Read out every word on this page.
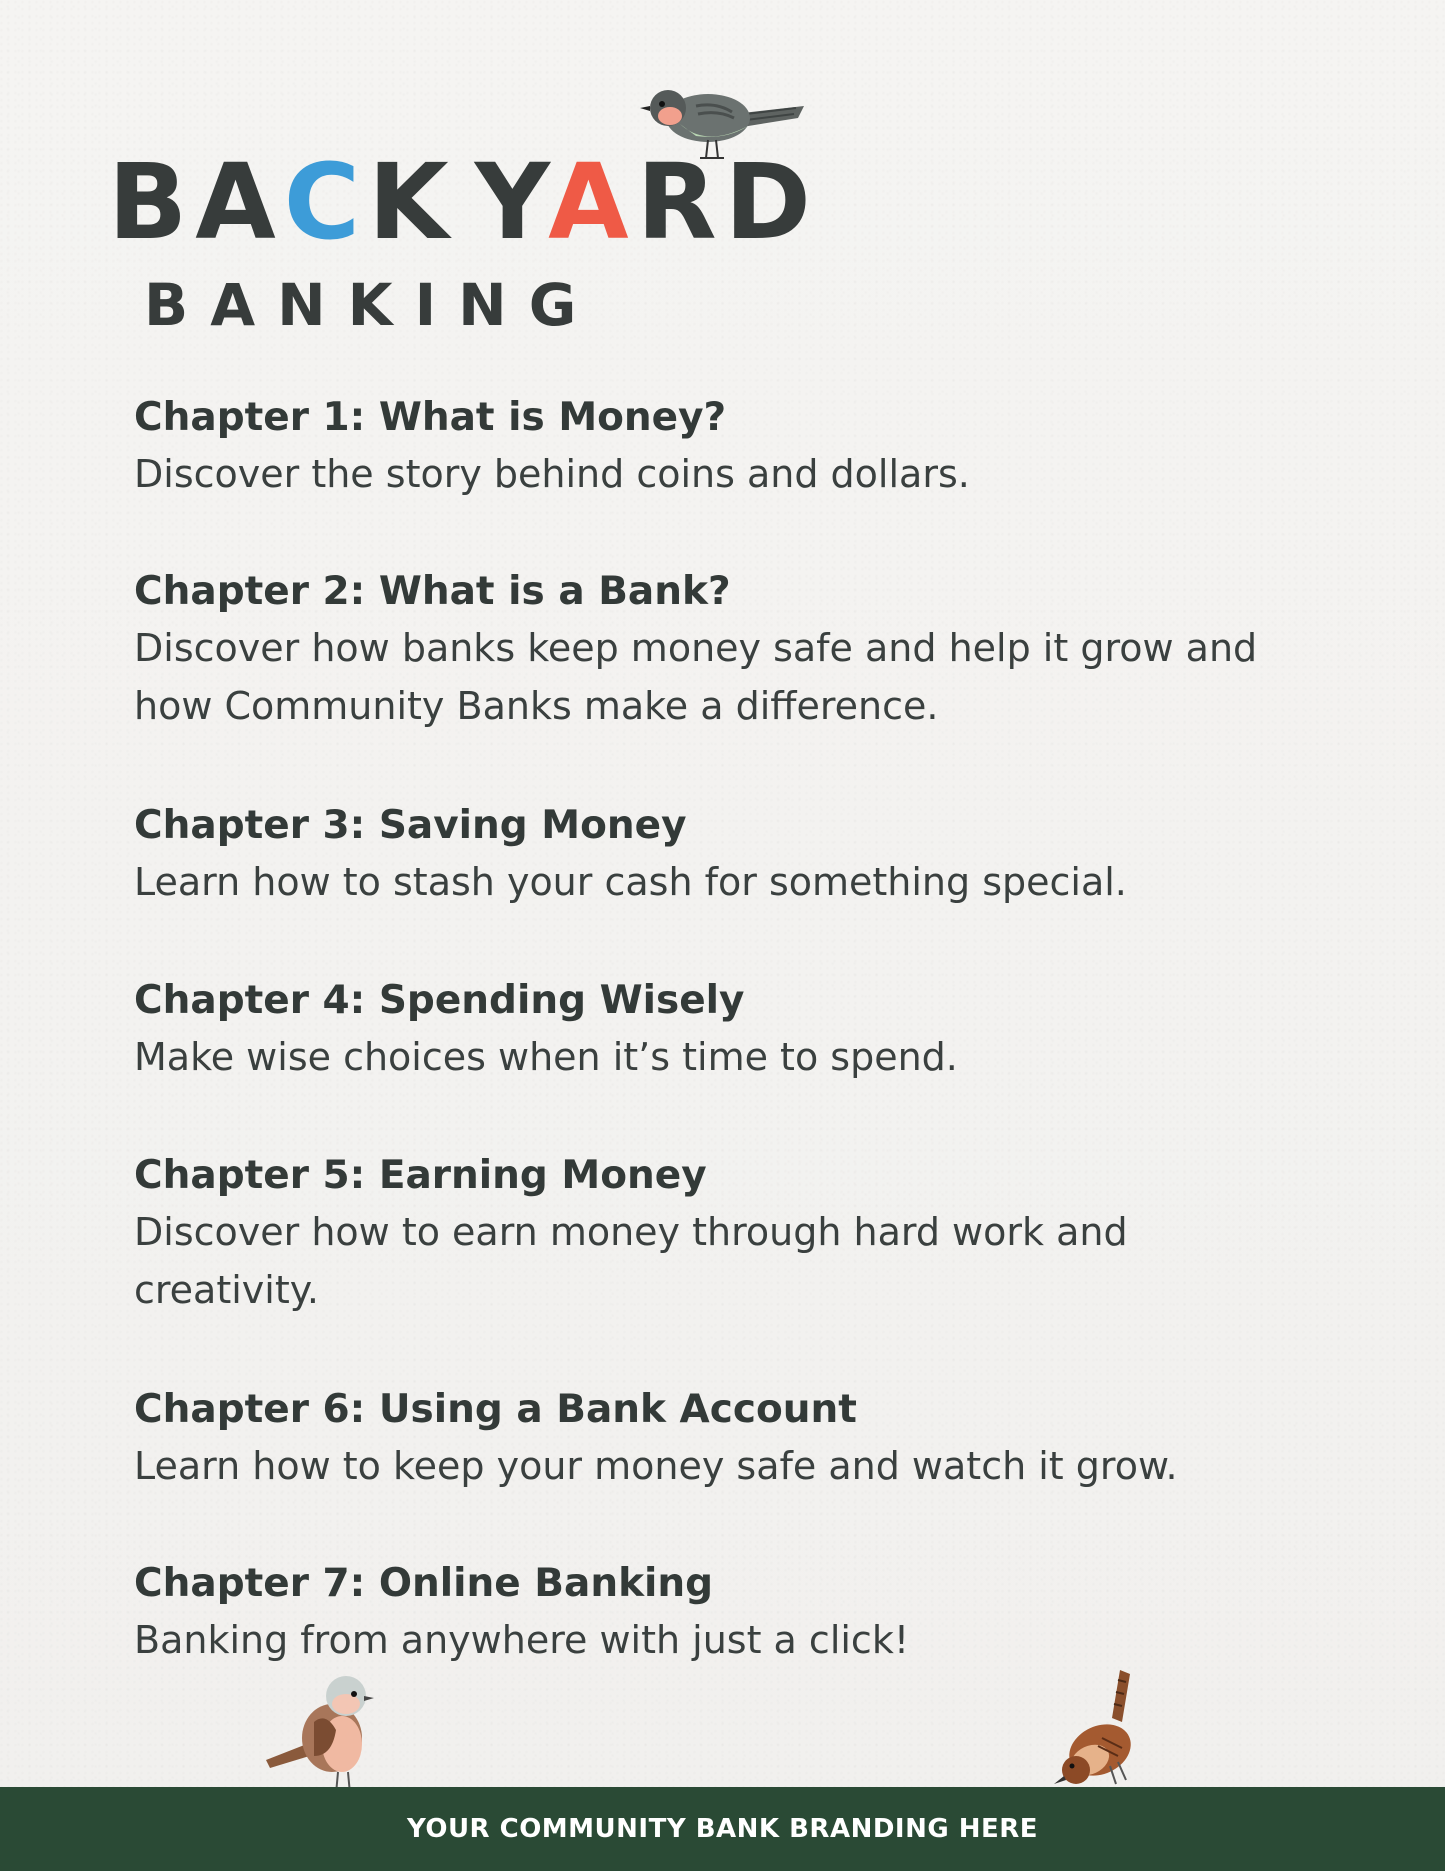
BACK YARD
BANKING

Chapter 1: What is Money?

Discover the story behind coins and dollars.

Chapter 2: What is a Bank?

Discover how banks keep money safe and help it grow and how Community Banks make a difference.

Chapter 3: Saving Money

Learn how to stash your cash for something special.

Chapter 4: Spending Wisely

Make wise choices when it’s time to spend.

Chapter 5: Earning Money

Discover how to earn money through hard work and creativity.

Chapter 6: Using a Bank Account

Learn how to keep your money safe and watch it grow.

Chapter 7: Online Banking

Banking from anywhere with just a click!

YOUR COMMUNITY BANK BRANDING HERE
